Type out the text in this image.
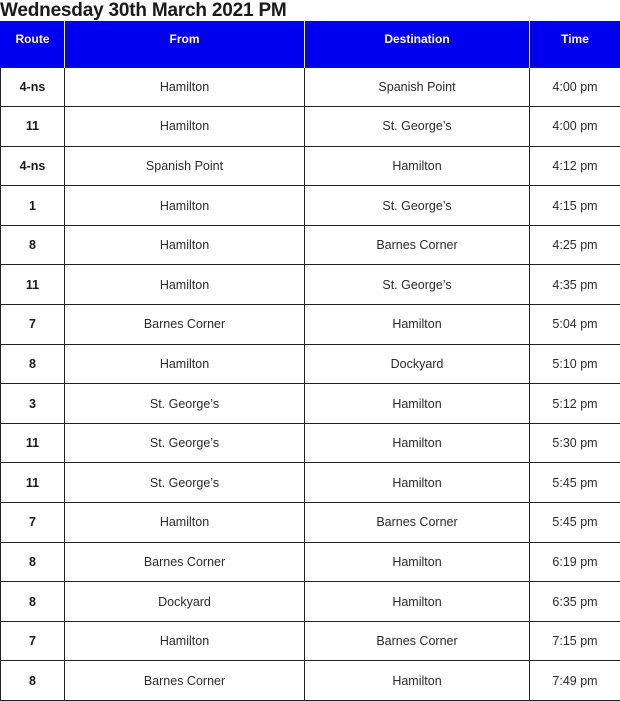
Wednesday 30th March 2021 PM
Route	From	Destination	Time
4-ns	Hamilton	Spanish Point	4:00 pm
11	Hamilton	St. George’s	4:00 pm
4-ns	Spanish Point	Hamilton	4:12 pm
1	Hamilton	St. George’s	4:15 pm
8	Hamilton	Barnes Corner	4:25 pm
11	Hamilton	St. George’s	4:35 pm
7	Barnes Corner	Hamilton	5:04 pm
8	Hamilton	Dockyard	5:10 pm
3	St. George’s	Hamilton	5:12 pm
11	St. George’s	Hamilton	5:30 pm
11	St. George’s	Hamilton	5:45 pm
7	Hamilton	Barnes Corner	5:45 pm
8	Barnes Corner	Hamilton	6:19 pm
8	Dockyard	Hamilton	6:35 pm
7	Hamilton	Barnes Corner	7:15 pm
8	Barnes Corner	Hamilton	7:49 pm
